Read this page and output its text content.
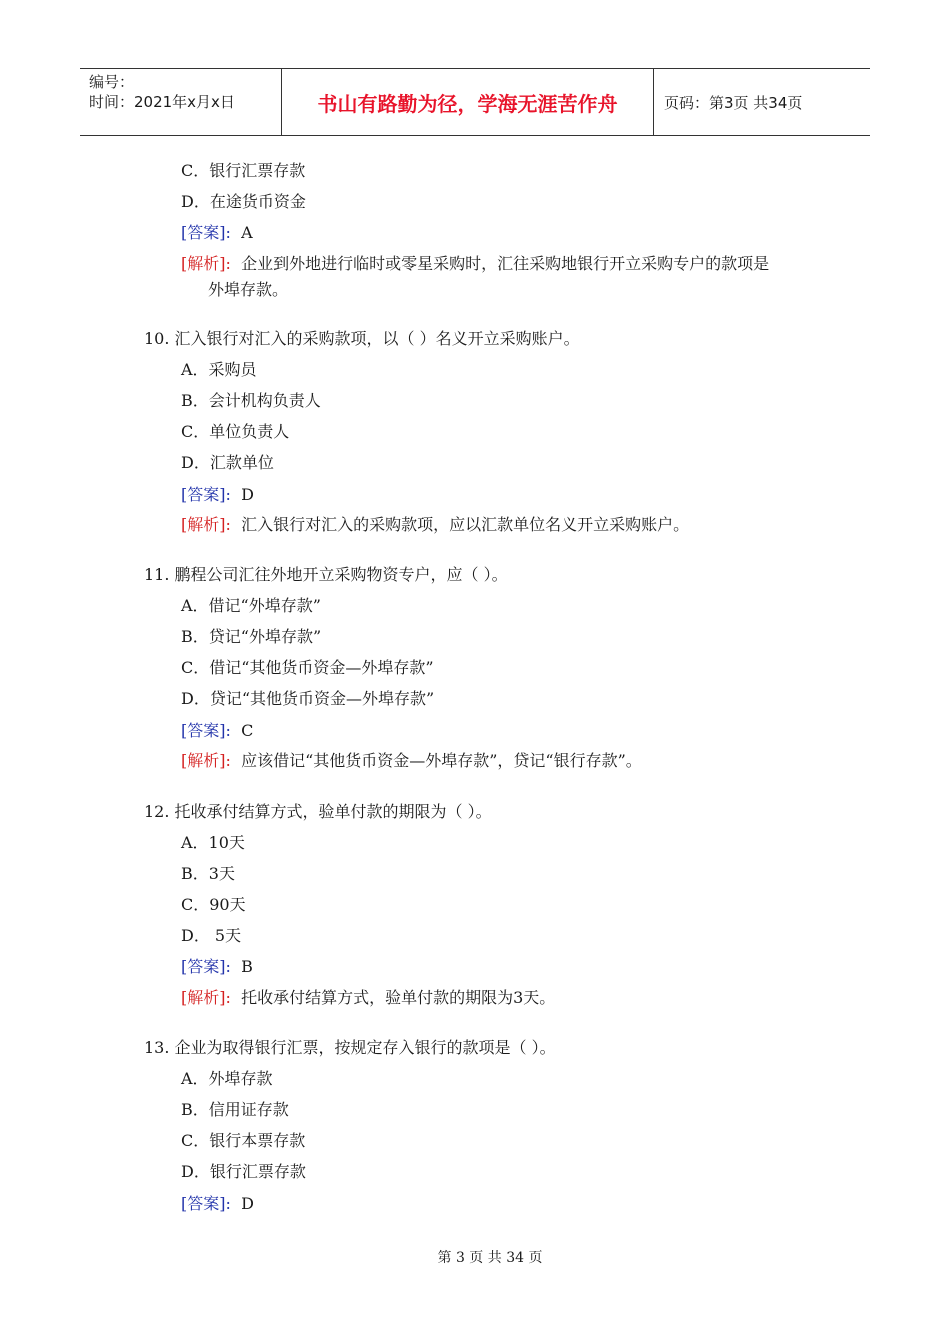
编号：
时间：2021年x月x日	书山有路勤为径，学海无涯苦作舟	页码：第3页 共34页
C．银行汇票存款
D．在途货币资金
[答案]: A
[解析]: 企业到外地进行临时或零星采购时，汇往采购地银行开立采购专户的款项是
外埠存款。
10. 汇入银行对汇入的采购款项，以（ ）名义开立采购账户。
A．采购员
B．会计机构负责人
C．单位负责人
D．汇款单位
[答案]: D
[解析]: 汇入银行对汇入的采购款项，应以汇款单位名义开立采购账户。
11. 鹏程公司汇往外地开立采购物资专户，应（ ）。
A．借记“外埠存款”
B．贷记“外埠存款”
C．借记“其他货币资金—外埠存款”
D．贷记“其他货币资金—外埠存款”
[答案]: C
[解析]: 应该借记“其他货币资金—外埠存款”，贷记“银行存款”。
12. 托收承付结算方式，验单付款的期限为（ ）。
A．10天
B．3天
C．90天
D． 5天
[答案]: B
[解析]: 托收承付结算方式，验单付款的期限为3天。
13. 企业为取得银行汇票，按规定存入银行的款项是（ ）。
A．外埠存款
B．信用证存款
C．银行本票存款
D．银行汇票存款
[答案]: D
第 3 页 共 34 页
